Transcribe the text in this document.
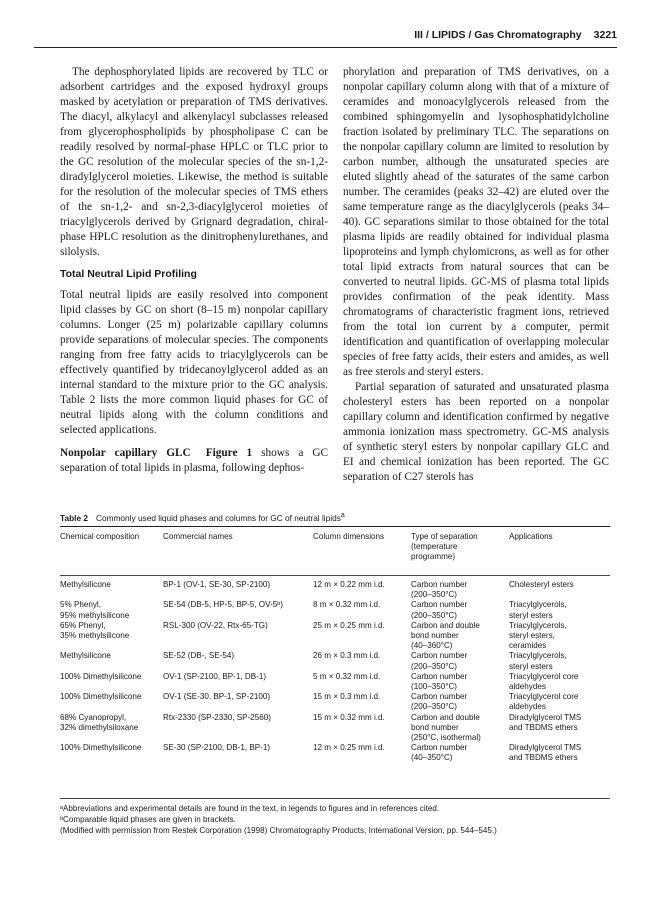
III / LIPIDS / Gas Chromatography 3221

The dephosphorylated lipids are recovered by TLC or adsorbent cartridges and the exposed hydroxyl groups masked by acetylation or preparation of TMS derivatives. The diacyl, alkylacyl and alkenylacyl subclasses released from glycerophospholipids by phospholipase C can be readily resolved by normal-phase HPLC or TLC prior to the GC resolution of the molecular species of the sn-1,2-diradylglycerol moieties. Likewise, the method is suitable for the resolution of the molecular species of TMS ethers of the sn-1,2- and sn-2,3-diacylglycerol moieties of triacylglycerols derived by Grignard degradation, chiral-phase HPLC resolution as the dinitrophenylurethanes, and silolysis.

Total Neutral Lipid Profiling

Total neutral lipids are easily resolved into component lipid classes by GC on short (8–15 m) nonpolar capillary columns. Longer (25 m) polarizable capillary columns provide separations of molecular species. The components ranging from free fatty acids to triacylglycerols can be effectively quantified by tridecanoylglycerol added as an internal standard to the mixture prior to the GC analysis. Table 2 lists the more common liquid phases for GC of neutral lipids along with the column conditions and selected applications.

Nonpolar capillary GLC Figure 1 shows a GC separation of total lipids in plasma, following dephos-

phorylation and preparation of TMS derivatives, on a nonpolar capillary column along with that of a mixture of ceramides and monoacylglycerols released from the combined sphingomyelin and lysophosphatidylcholine fraction isolated by preliminary TLC. The separations on the nonpolar capillary column are limited to resolution by carbon number, although the unsaturated species are eluted slightly ahead of the saturates of the same carbon number. The ceramides (peaks 32–42) are eluted over the same temperature range as the diacylglycerols (peaks 34–40). GC separations similar to those obtained for the total plasma lipids are readily obtained for individual plasma lipoproteins and lymph chylomicrons, as well as for other total lipid extracts from natural sources that can be converted to neutral lipids. GC-MS of plasma total lipids provides confirmation of the peak identity. Mass chromatograms of characteristic fragment ions, retrieved from the total ion current by a computer, permit identification and quantification of overlapping molecular species of free fatty acids, their esters and amides, as well as free sterols and steryl esters.

Partial separation of saturated and unsaturated plasma cholesteryl esters has been reported on a nonpolar capillary column and identification confirmed by negative ammonia ionization mass spectrometry. GC-MS analysis of synthetic steryl esters by nonpolar capillary GLC and EI and chemical ionization has been reported. The GC separation of C27 sterols has

Table 2 Commonly used liquid phases and columns for GC of neutral lipids$^a$
Chemical composition	Commercial names	Column dimensions	Type of separation
(temperature
programme)	Applications
Methylsilicone	BP-1 (OV-1, SE-30, SP-2100)	12 m × 0.22 mm i.d.	Carbon number
(200–350°C)	Cholesteryl esters
5% Phenyl,
95% methylsilicone	SE-54 (DB-5, HP-5, BP-5, OV-5ᵇ)	8 m × 0.32 mm i.d.	Carbon number
(200–350°C)	Triacylglycerols,
steryl esters
65% Phenyl,
35% methylsilicone	RSL-300 (OV-22, Rtx-65-TG)	25 m × 0.25 mm i.d.	Carbon and double
bond number
(40–360°C)	Triacylglycerols,
steryl esters,
ceramides
Methylsilicone	SE-52 (DB-, SE-54)	26 m × 0.3 mm i.d.	Carbon number
(200–350°C)	Triacylglycerols,
steryl esters
100% Dimethylsilicone	OV-1 (SP-2100, BP-1, DB-1)	5 m × 0.32 mm i.d.	Carbon number
(100–350°C)	Triacylglycerol core
aldehydes
100% Dimethylsilicone	OV-1 (SE-30, BP-1, SP-2100)	15 m × 0.3 mm i.d.	Carbon number
(200–350°C)	Triacylglycerol core
aldehydes
68% Cyanopropyl,
32% dimethylsiloxane	Rtx-2330 (SP-2330, SP-2560)	15 m × 0.32 mm i.d.	Carbon and double
bond number
(250°C, isothermal)	Diradylglycerol TMS
and TBDMS ethers
100% Dimethylsilicone	SE-30 (SP-2100, DB-1, BP-1)	12 m × 0.25 mm i.d.	Carbon number
(40–350°C)	Diradylglycerol TMS
and TBDMS ethers
ᵃAbbreviations and experimental details are found in the text, in legends to figures and in references cited.
ᵇComparable liquid phases are given in brackets.
(Modified with permission from Restek Corporation (1998) Chromatography Products, International Version, pp. 544–545.)
